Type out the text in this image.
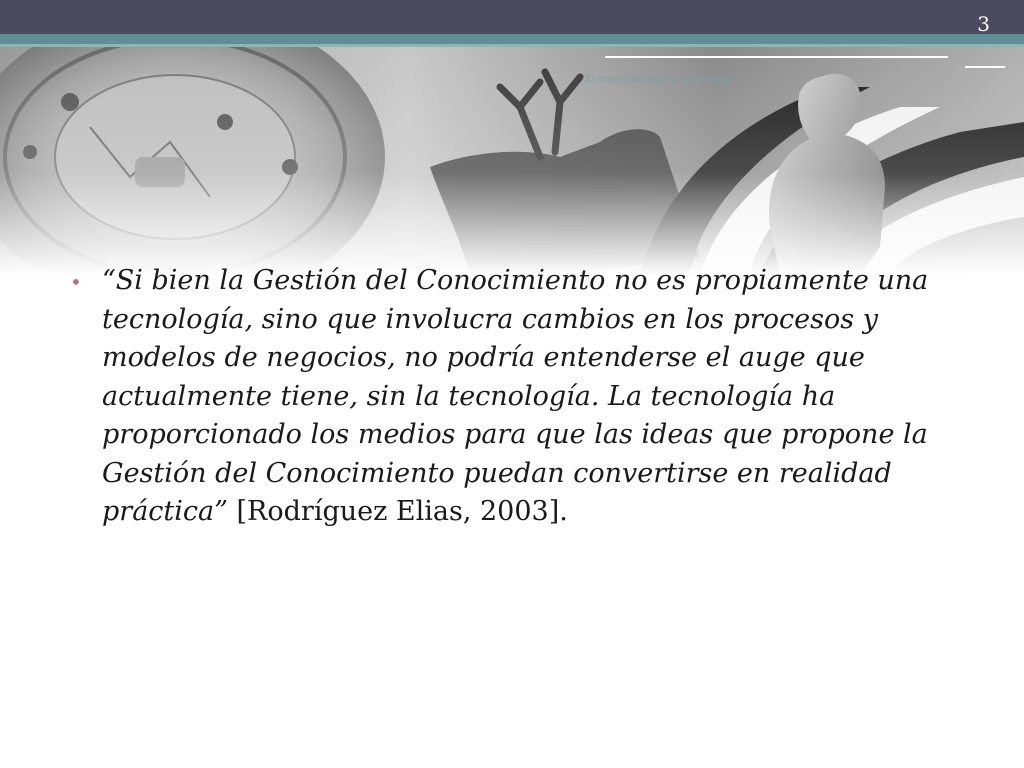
3
El conocimiento y su gestión
• “Si bien la Gestión del Conocimiento no es propiamente una tecnología, sino que involucra cambios en los procesos y modelos de negocios, no podría entenderse el auge que actualmente tiene, sin la tecnología. La tecnología ha proporcionado los medios para que las ideas que propone la Gestión del Conocimiento puedan convertirse en realidad práctica” [Rodríguez Elias, 2003].
